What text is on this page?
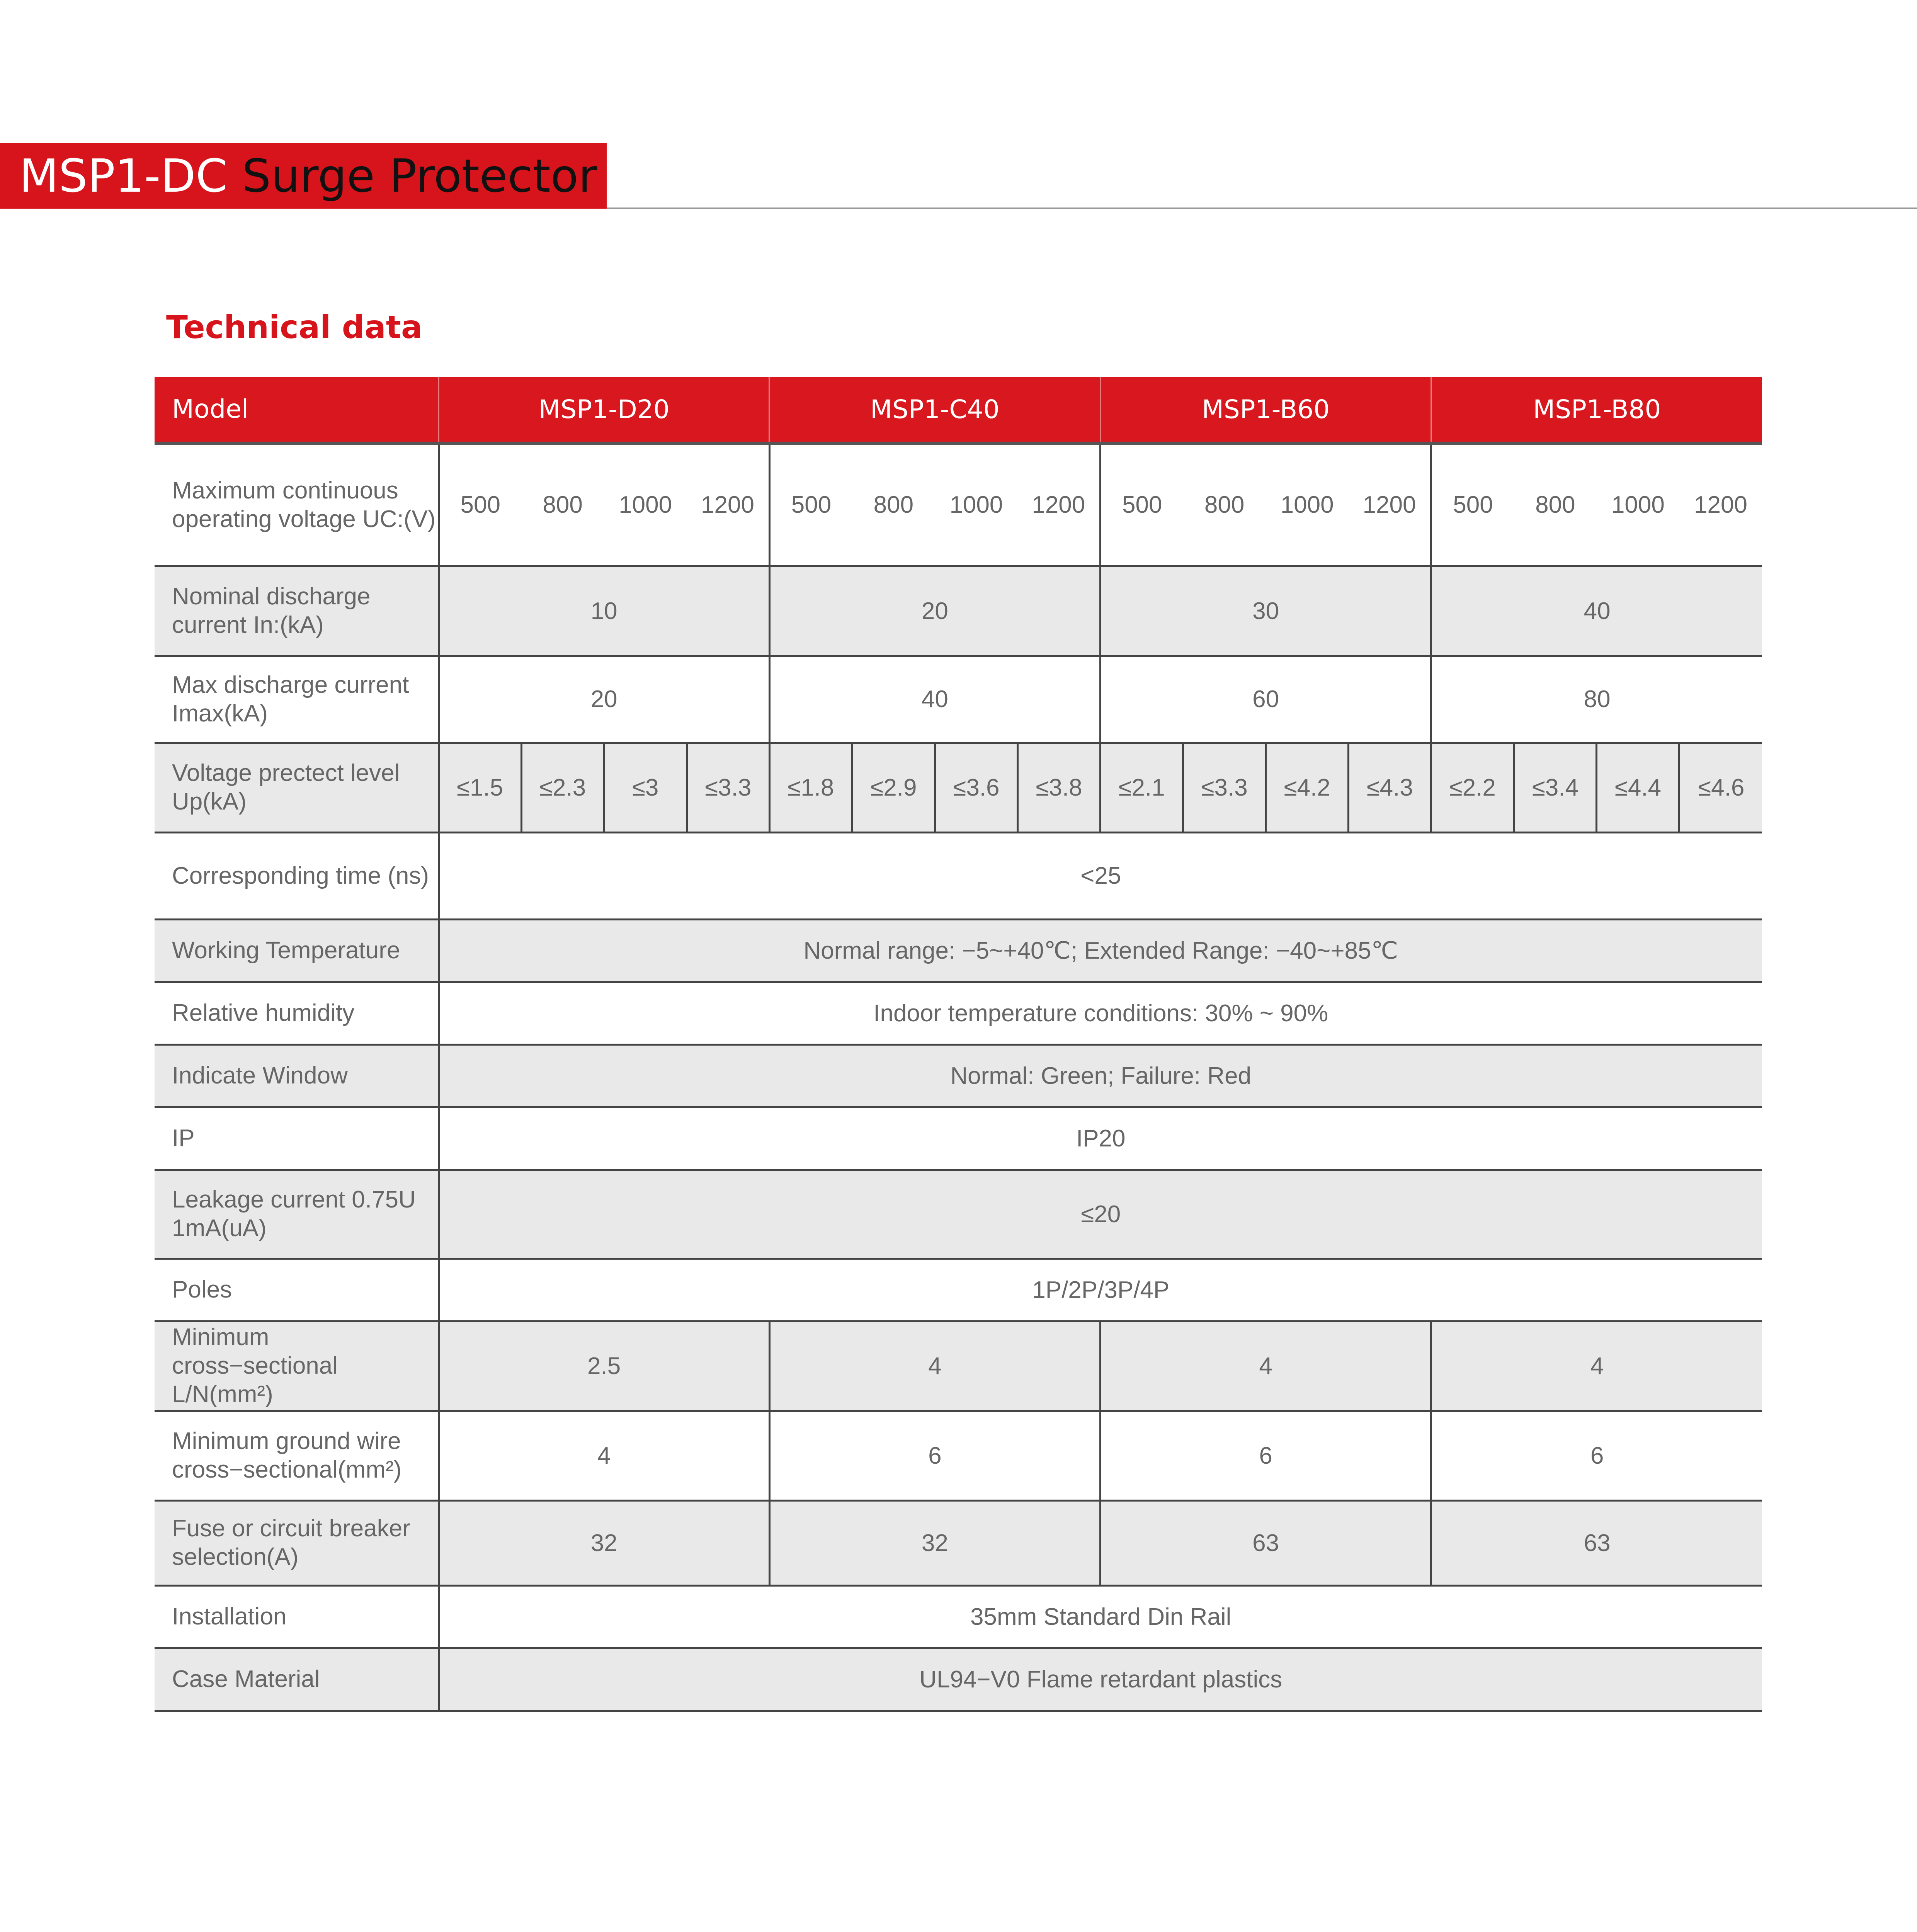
MSP1-DC Surge Protector
Technical data
Model	MSP1-D20				MSP1-C40				MSP1-B60				MSP1-B80			
Maximum continuous operating voltage UC:(V)	500	800	1000	1200	500	800	1000	1200	500	800	1000	1200	500	800	1000	1200
Nominal discharge current In:(kA)	10				20				30				40			
Max discharge current Imax(kA)	20				40				60				80			
Voltage prectect level Up(kA)	≤1.5	≤2.3	≤3	≤3.3	≤1.8	≤2.9	≤3.6	≤3.8	≤2.1	≤3.3	≤4.2	≤4.3	≤2.2	≤3.4	≤4.4	≤4.6
Corresponding time (ns)	<25															
Working Temperature	Normal range: −5~+40℃; Extended Range: −40~+85℃															
Relative humidity	Indoor temperature conditions: 30% ~ 90%															
Indicate Window	Normal: Green; Failure: Red															
IP	IP20															
Leakage current 0.75U 1mA(uA)	≤20															
Poles	1P/2P/3P/4P															
Minimum cross−sectional L/N(mm²)	2.5				4				4				4			
Minimum ground wire cross−sectional(mm²)	4				6				6				6			
Fuse or circuit breaker selection(A)	32				32				63				63			
Installation	35mm Standard Din Rail															
Case Material	UL94−V0 Flame retardant plastics															
